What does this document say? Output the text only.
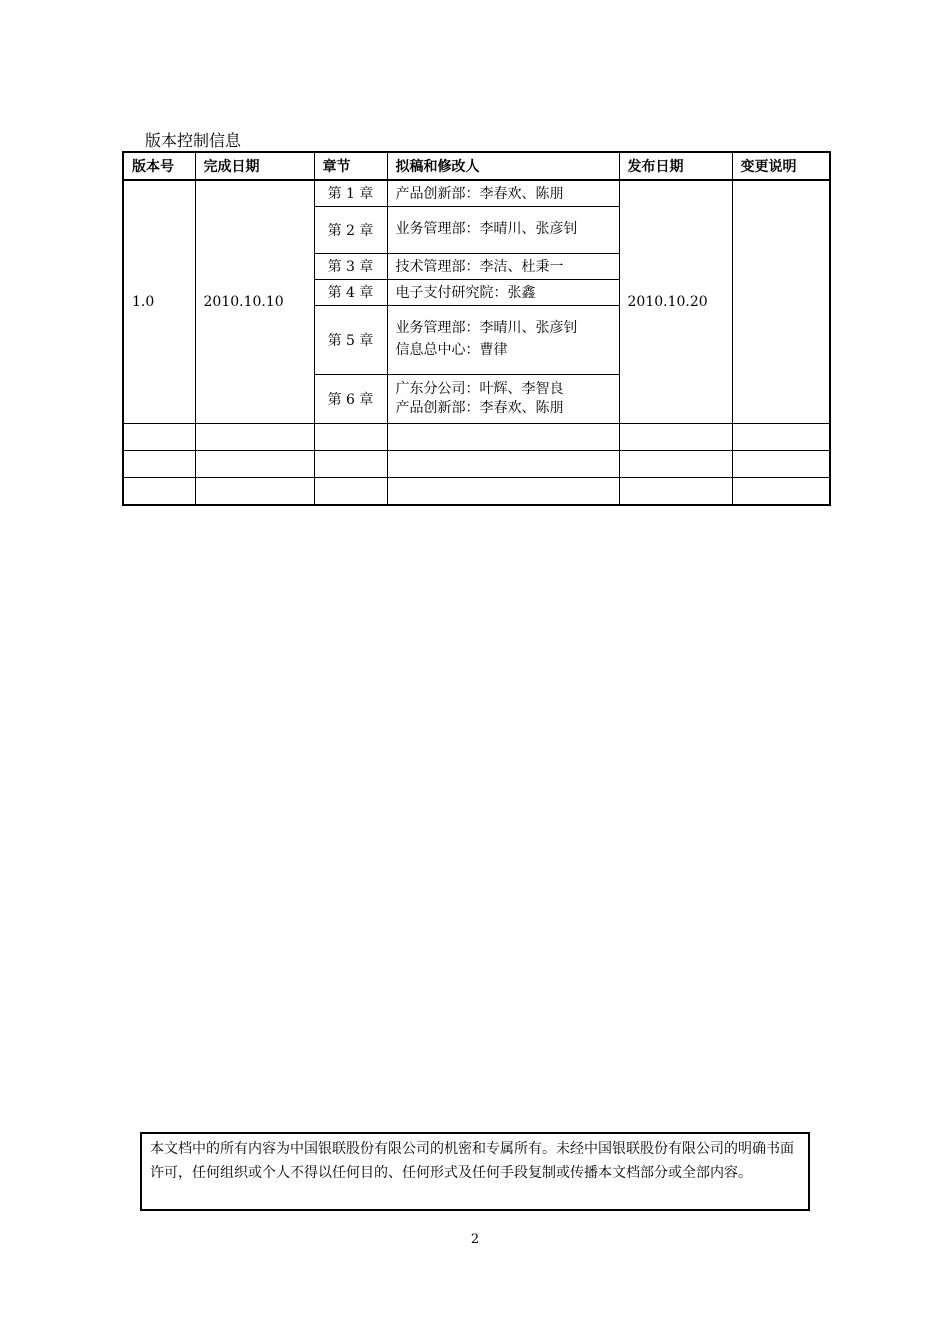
版本控制信息
版本号	完成日期	章节	拟稿和修改人	发布日期	变更说明
1.0	2010.10.10	第 1 章	产品创新部：李春欢、陈朋	2010.10.20	
		第 2 章	业务管理部：李晴川、张彦钊		

		第 3 章	技术管理部：李洁、杜秉一		

		第 4 章	电子支付研究院：张鑫		

		第 5 章	业务管理部：李晴川、张彦钊
信息总中心：曹律		

		第 6 章	广东分公司：叶辉、李智良
产品创新部：李春欢、陈朋		

本文档中的所有内容为中国银联股份有限公司的机密和专属所有。未经中国银联股份有限公司的明确书面许可，任何组织或个人不得以任何目的、任何形式及任何手段复制或传播本文档部分或全部内容。
2
